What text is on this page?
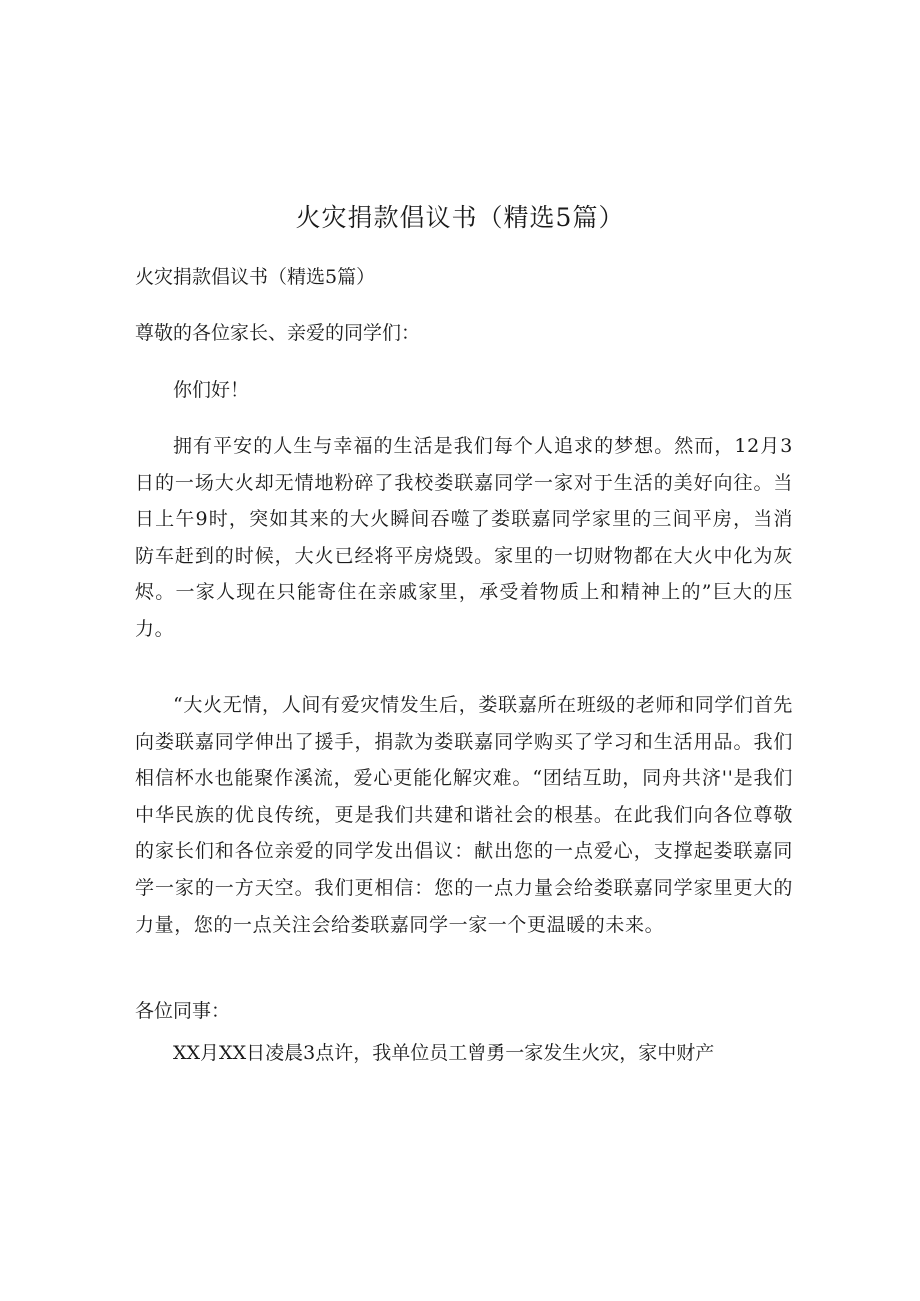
火灾捐款倡议书（精选5篇）

火灾捐款倡议书（精选5篇）

尊敬的各位家长、亲爱的同学们：

你们好！

拥有平安的人生与幸福的生活是我们每个人追求的梦想。然而，12月3日的一场大火却无情地粉碎了我校娄联嘉同学一家对于生活的美好向往。当日上午9时，突如其来的大火瞬间吞噬了娄联嘉同学家里的三间平房，当消防车赶到的时候，大火已经将平房烧毁。家里的一切财物都在大火中化为灰烬。一家人现在只能寄住在亲戚家里，承受着物质上和精神上的”巨大的压力。

“大火无情，人间有爱灾情发生后，娄联嘉所在班级的老师和同学们首先向娄联嘉同学伸出了援手，捐款为娄联嘉同学购买了学习和生活用品。我们相信杯水也能聚作溪流，爱心更能化解灾难。“团结互助，同舟共济''是我们中华民族的优良传统，更是我们共建和谐社会的根基。在此我们向各位尊敬的家长们和各位亲爱的同学发出倡议：献出您的一点爱心，支撑起娄联嘉同学一家的一方天空。我们更相信：您的一点力量会给娄联嘉同学家里更大的力量，您的一点关注会给娄联嘉同学一家一个更温暖的未来。

各位同事：

XX月XX日凌晨3点许，我单位员工曾勇一家发生火灾，家中财产
